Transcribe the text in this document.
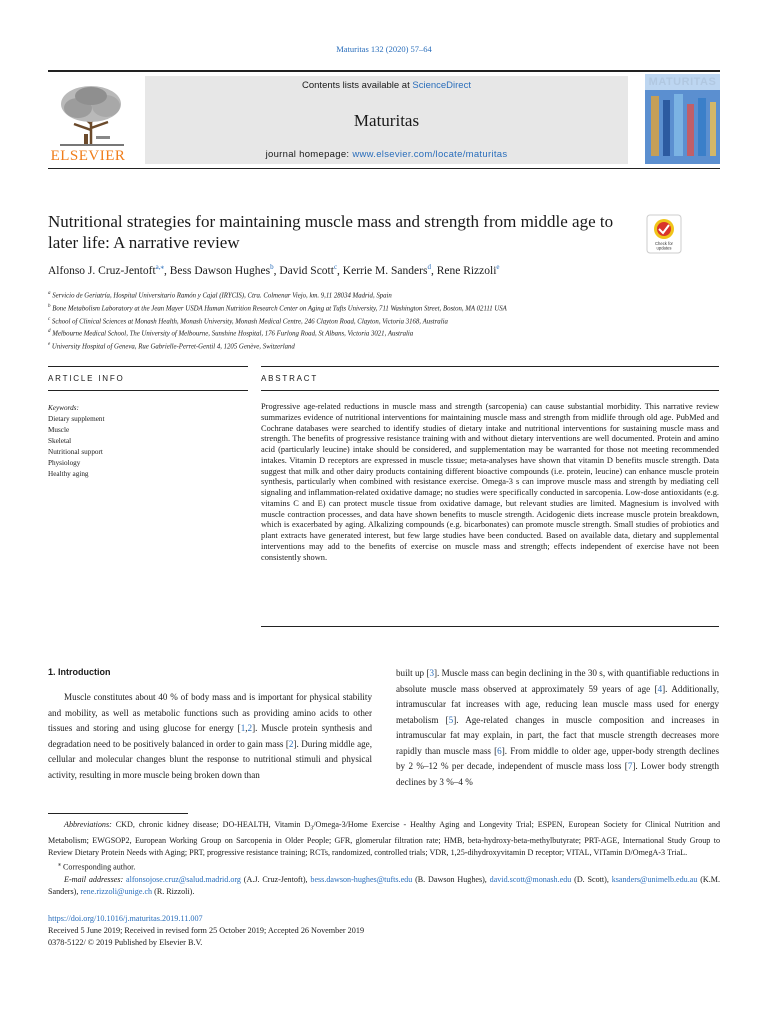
Maturitas 132 (2020) 57–64
ELSEVIER
Contents lists available at ScienceDirect
Maturitas
journal homepage: www.elsevier.com/locate/maturitas
Nutritional strategies for maintaining muscle mass and strength from middle age to later life: A narrative review	Check for updates
Alfonso J. Cruz-Jentoft$^{a,⁎}$, Bess Dawson Hughes$^b$, David Scott$^c$, Kerrie M. Sanders$^d$, Rene Rizzoli$^e$
$^a$ Servicio de Geriatría, Hospital Universitario Ramón y Cajal (IRYCIS), Ctra. Colmenar Viejo, km. 9,11 28034 Madrid, Spain
$^b$ Bone Metabolism Laboratory at the Jean Mayer USDA Human Nutrition Research Center on Aging at Tufts University, 711 Washington Street, Boston, MA 02111 USA
$^c$ School of Clinical Sciences at Monash Health, Monash University, Monash Medical Centre, 246 Clayton Road, Clayton, Victoria 3168, Australia
$^d$ Melbourne Medical School, The University of Melbourne, Sunshine Hospital, 176 Furlong Road, St Albans, Victoria 3021, Australia
$^e$ University Hospital of Geneva, Rue Gabrielle-Perret-Gentil 4, 1205 Genève, Switzerland
ARTICLE INFO	ABSTRACT
Keywords:
Dietary supplement
Muscle
Skeletal
Nutritional support
Physiology
Healthy aging
Progressive age-related reductions in muscle mass and strength (sarcopenia) can cause substantial morbidity. This narrative review summarizes evidence of nutritional interventions for maintaining muscle mass and strength from midlife through old age. PubMed and Cochrane databases were searched to identify studies of dietary intake and nutritional interventions for sustaining muscle mass and strength. The benefits of progressive resistance training with and without dietary interventions are well documented. Protein and amino acid (particularly leucine) intake should be considered, and supplementation may be warranted for those not meeting recommended intakes. Vitamin D receptors are expressed in muscle tissue; meta-analyses have shown that vitamin D benefits muscle strength. Data suggest that milk and other dairy products containing different bioactive compounds (i.e. protein, leucine) can enhance muscle protein synthesis, particularly when combined with resistance exercise. Omega-3 s can improve muscle mass and strength by mediating cell signaling and inflammation-related oxidative damage; no studies were specifically conducted in sarcopenia. Low-dose antioxidants (e.g. vitamins C and E) can protect muscle tissue from oxidative damage, but relevant studies are limited. Magnesium is involved with muscle contraction processes, and data have shown benefits to muscle strength. Acidogenic diets increase muscle protein breakdown, which is exacerbated by aging. Alkalizing compounds (e.g. bicarbonates) can promote muscle strength. Small studies of probiotics and plant extracts have generated interest, but few large studies have been conducted. Based on available data, dietary and supplemental interventions may add to the benefits of exercise on muscle mass and strength; effects independent of exercise have not been consistently shown.
1. Introduction
Muscle constitutes about 40 % of body mass and is important for physical stability and mobility, as well as metabolic functions such as providing amino acids to other tissues and storing and using glucose for energy [1,2]. Muscle protein synthesis and degradation need to be positively balanced in order to gain mass [2]. During middle age, cellular and molecular changes blunt the response to nutritional stimuli and physical activity, resulting in more muscle being broken down than
built up [3]. Muscle mass can begin declining in the 30 s, with quantifiable reductions in absolute muscle mass observed at approximately 59 years of age [4]. Additionally, intramuscular fat increases with age, reducing lean muscle mass used for energy metabolism [5]. Age-related changes in muscle composition and increases in intramuscular fat may explain, in part, the fact that muscle strength decreases more rapidly than muscle mass [6]. From middle to older age, upper-body strength declines by 2 %–12 % per decade, independent of muscle mass loss [7]. Lower body strength declines by 3 %–4 %
Abbreviations: CKD, chronic kidney disease; DO-HEALTH, Vitamin $D_3/Omega-3$/Home Exercise - Healthy Aging and Longevity Trial; ESPEN, European Society for Clinical Nutrition and Metabolism; EWGSOP2, European Working Group on Sarcopenia in Older People; GFR, glomerular filtration rate; HMB, beta-hydroxy-beta-methylbutyrate; PRT-AGE, International Study Group to Review Dietary Protein Needs with Aging; PRT, progressive resistance training; RCTs, randomized, controlled trials; VDR, 1,25-dihydroxyvitamin D receptor; VITAL, VITamin D/OmegA-3 TriaL.
⁎ Corresponding author.
E-mail addresses: alfonsojose.cruz@salud.madrid.org (A.J. Cruz-Jentoft), bess.dawson-hughes@tufts.edu (B. Dawson Hughes), david.scott@monash.edu (D. Scott), ksanders@unimelb.edu.au (K.M. Sanders), rene.rizzoli@unige.ch (R. Rizzoli).
https://doi.org/10.1016/j.maturitas.2019.11.007
Received 5 June 2019; Received in revised form 25 October 2019; Accepted 26 November 2019
0378-5122/ © 2019 Published by Elsevier B.V.
